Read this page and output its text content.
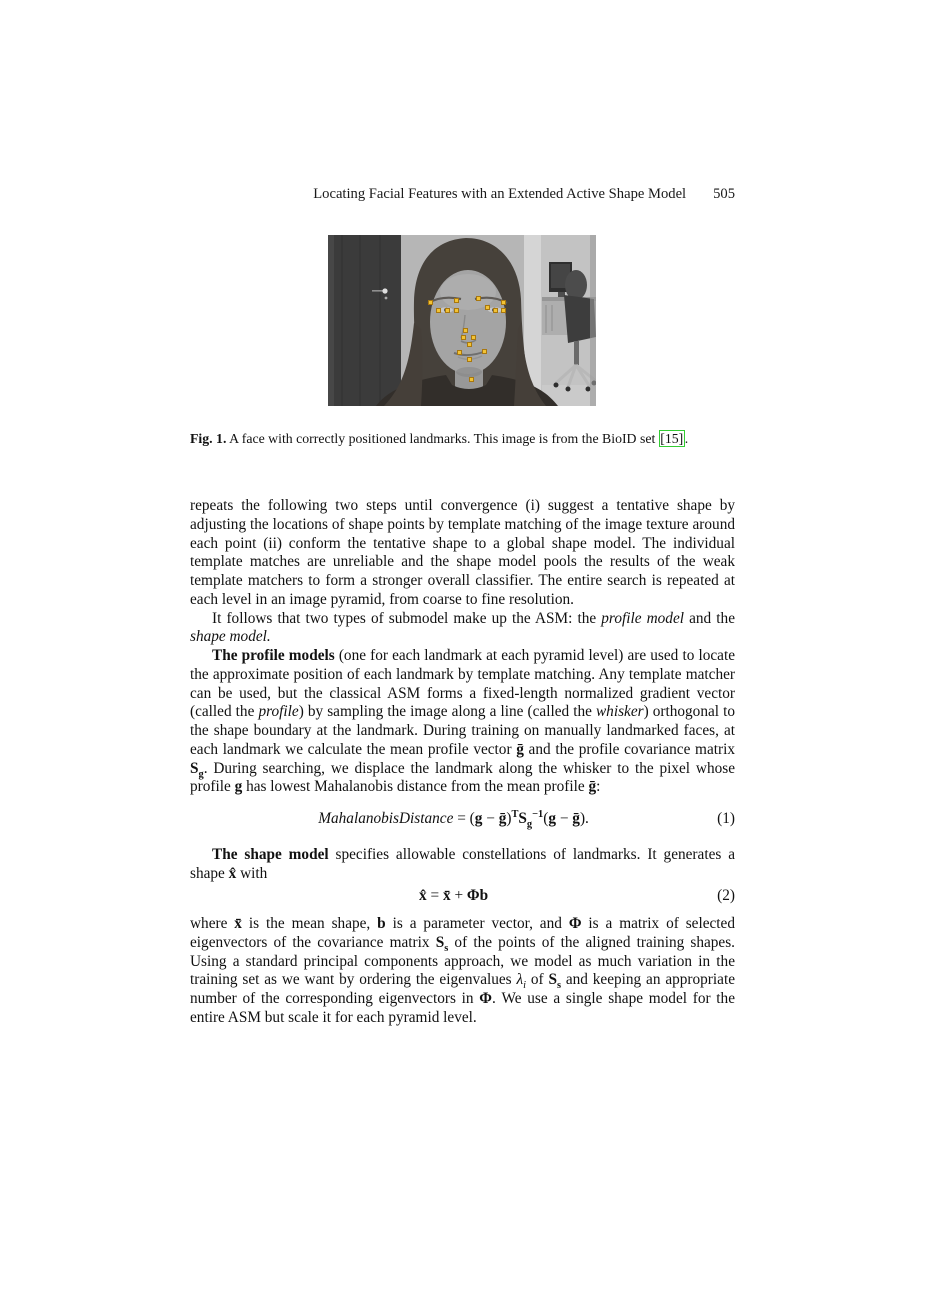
Locating Facial Features with an Extended Active Shape Model 505

Fig. 1. A face with correctly positioned landmarks. This image is from the BioID set [15] .

repeats the following two steps until convergence (i) suggest a tentative shape by adjusting the locations of shape points by template matching of the image texture around each point (ii) conform the tentative shape to a global shape model. The individual template matches are unreliable and the shape model pools the results of the weak template matchers to form a stronger overall classifier. The entire search is repeated at each level in an image pyramid, from coarse to fine resolution.

It follows that two types of submodel make up the ASM: the profile model and the shape model.

The profile models (one for each landmark at each pyramid level) are used to locate the approximate position of each landmark by template matching. Any template matcher can be used, but the classical ASM forms a fixed-length normalized gradient vector (called the profile) by sampling the image along a line (called the whisker) orthogonal to the shape boundary at the landmark. During training on manually landmarked faces, at each landmark we calculate the mean profile vector ḡ and the profile covariance matrix $S_g$. During searching, we displace the landmark along the whisker to the pixel whose profile g has lowest Mahalanobis distance from the mean profile ḡ:

MahalanobisDistance = $(g - ḡ)^TS_g^{-1}(g$ − ḡ).	(1)

The shape model specifies allowable constellations of landmarks. It generates a shape x̂ with

x̂ = x̄ + Φb	(2)

where x̄ is the mean shape, b is a parameter vector, and Φ is a matrix of selected eigenvectors of the covariance matrix $S_s$ of the points of the aligned training shapes. Using a standard principal components approach, we model as much variation in the training set as we want by ordering the eigenvalues $\lambda_i$ of $S_s$ and keeping an appropriate number of the corresponding eigenvectors in Φ. We use a single shape model for the entire ASM but scale it for each pyramid level.
